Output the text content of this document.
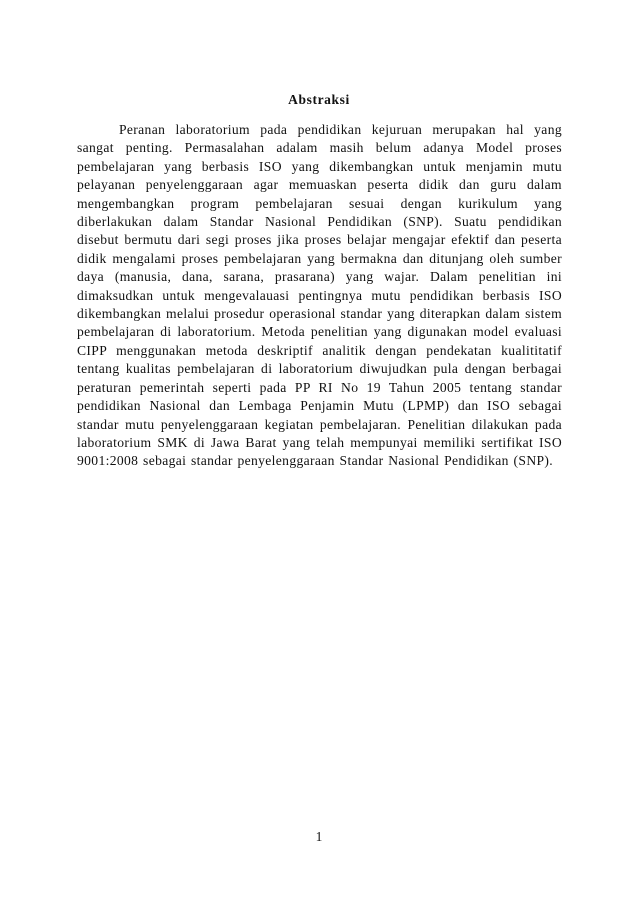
Abstraksi

Peranan laboratorium pada pendidikan kejuruan merupakan hal yang sangat penting. Permasalahan adalam masih belum adanya Model proses pembelajaran yang berbasis ISO yang dikembangkan untuk menjamin mutu pelayanan penyelenggaraan agar memuaskan peserta didik dan guru dalam mengembangkan program pembelajaran sesuai dengan kurikulum yang diberlakukan dalam Standar Nasional Pendidikan (SNP). Suatu pendidikan disebut bermutu dari segi proses jika proses belajar mengajar efektif dan peserta didik mengalami proses pembelajaran yang bermakna dan ditunjang oleh sumber daya (manusia, dana, sarana, prasarana) yang wajar. Dalam penelitian ini dimaksudkan untuk mengevalauasi pentingnya mutu pendidikan berbasis ISO dikembangkan melalui prosedur operasional standar yang diterapkan dalam sistem pembelajaran di laboratorium. Metoda penelitian yang digunakan model evaluasi CIPP menggunakan metoda deskriptif analitik dengan pendekatan kualititatif tentang kualitas pembelajaran di laboratorium diwujudkan pula dengan berbagai peraturan pemerintah seperti pada PP RI No 19 Tahun 2005 tentang standar pendidikan Nasional dan Lembaga Penjamin Mutu (LPMP) dan ISO sebagai standar mutu penyelenggaraan kegiatan pembelajaran. Penelitian dilakukan pada laboratorium SMK di Jawa Barat yang telah mempunyai memiliki sertifikat ISO 9001:2008 sebagai standar penyelenggaraan Standar Nasional Pendidikan (SNP).

1
